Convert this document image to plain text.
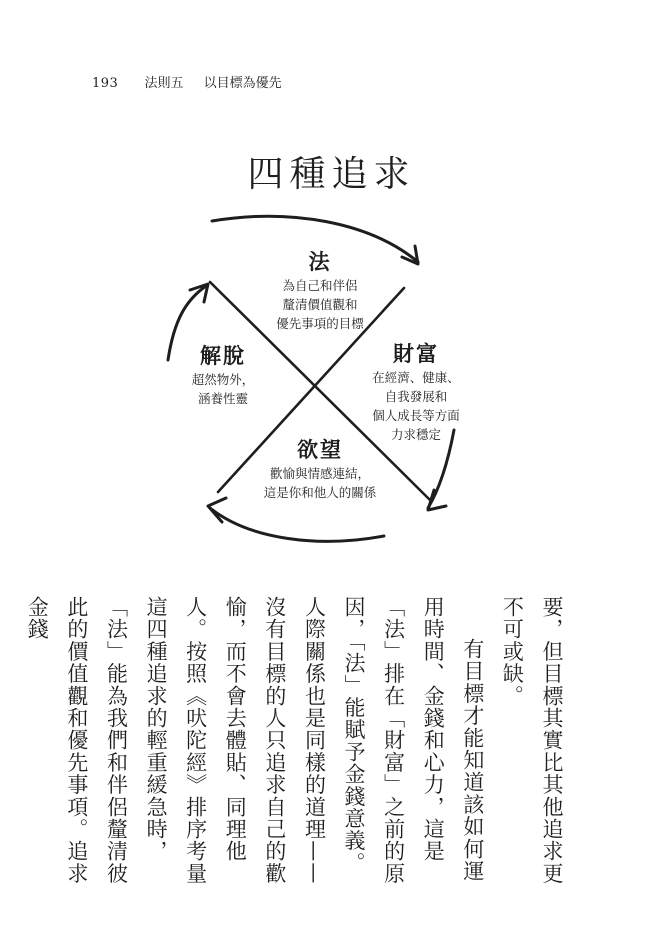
193 法則五 以目標為優先
四種追求
法
為自己和伴侶
釐清價值觀和
優先事項的目標
財富
在經濟、健康、
自我發展和
個人成長等方面
力求穩定
欲望
歡愉與情感連結，
這是你和他人的關係
解脫
超然物外，
涵養性靈

要，但目標其實比其他追求更不可或缺。

有目標才能知道該如何運用時間、金錢和心力，這是「法」排在「財富」之前的原因，「法」能賦予金錢意義。人際關係也是同樣的道理——沒有目標的人只追求自己的歡愉，而不會去體貼、同理他人。按照《吠陀經》排序考量這四種追求的輕重緩急時，「法」能為我們和伴侶釐清彼此的價值觀和優先事項。追求金錢
